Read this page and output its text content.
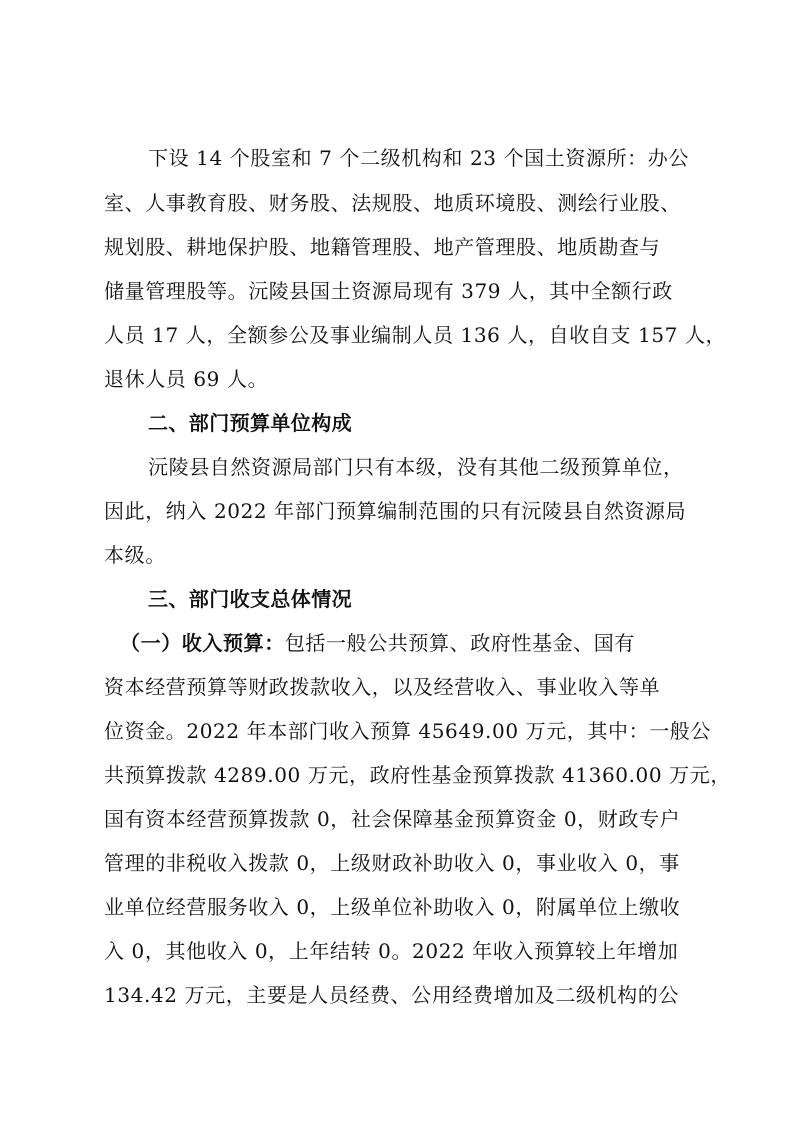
下设 14 个股室和 7 个二级机构和 23 个国土资源所：办公
室、人事教育股、财务股、法规股、地质环境股、测绘行业股、
规划股、耕地保护股、地籍管理股、地产管理股、地质勘查与
储量管理股等。沅陵县国土资源局现有 379 人，其中全额行政
人员 17 人，全额参公及事业编制人员 136 人，自收自支 157 人，
退休人员 69 人。
二、部门预算单位构成
沅陵县自然资源局部门只有本级，没有其他二级预算单位，
因此，纳入 2022 年部门预算编制范围的只有沅陵县自然资源局
本级。
三、部门收支总体情况
（一）收入预算：包括一般公共预算、政府性基金、国有
资本经营预算等财政拨款收入，以及经营收入、事业收入等单
位资金。2022 年本部门收入预算 45649.00 万元，其中：一般公
共预算拨款 4289.00 万元，政府性基金预算拨款 41360.00 万元，
国有资本经营预算拨款 0，社会保障基金预算资金 0，财政专户
管理的非税收入拨款 0，上级财政补助收入 0，事业收入 0，事
业单位经营服务收入 0，上级单位补助收入 0，附属单位上缴收
入 0，其他收入 0，上年结转 0。2022 年收入预算较上年增加
134.42 万元，主要是人员经费、公用经费增加及二级机构的公
